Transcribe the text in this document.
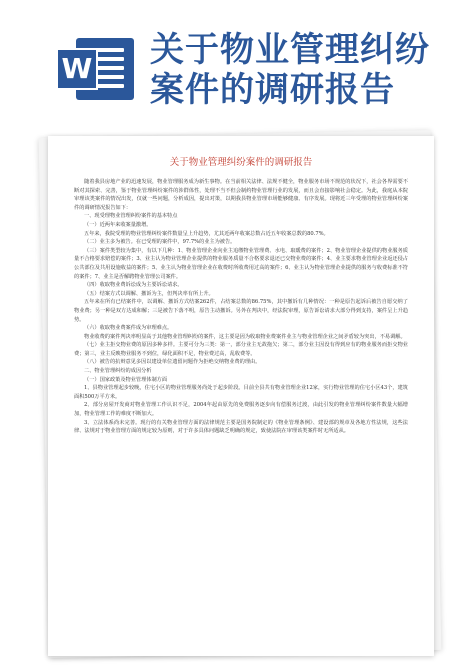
W 关于物业管理纠纷
案件的调研报告
关于物业管理纠纷案件的调研报告

随着我县房地产业的迅速发展，物业管理服务成为新生事物。在当前相关法律、法规不健全，物业服务市场不规范的状况下，社会各界需要不断对其探索、完善，鉴于物业管理纠纷案件的涉群体性，处理不当不但会制约物业管理行业的发展，而且会直接影响社会稳定。为此，我庭从本院审理该类案件的情况出发，仅就一些问题，分析成因，提出对策，以期我县物业管理市场能够健康、有序发展。现将近三年受理的物业管理纠纷案件的调研情况报告如下：

一、现受理物业管理纠纷案件的基本特点

（一）近两年来收案量激增。

五年来，我院受理的物业管理纠纷案件数量呈上升趋势，尤其近两年收案总数占近五年收案总数的80.7%。

（二）业主多为被告。在已受理的案件中，97.7%的业主为被告。

（三）案件类型较为集中，有以下几种：1、物业管理企业向业主追缴物业管理费、水电、取暖费的案件；2、物业管理企业提供的物业服务质量不合格要求赔偿的案件；3、业主认为物业管理企业提供的物业服务质量不合格要求退还已交物业费的案件；4、业主要求物业管理企业返还侵占公共部位及共用设施收益的案件；5、业主认为物业管理企业在收费时所收费用过高的案件；6、业主认为物业管理企业提供的服务与收费标准不符的案件；7、业主是否解聘物业管理公司案件。

（四）收取物业费诉讼成为主要诉讼请求。

（五）结案方式以调解、撤诉为主，但判决率有所上升。

五年来在所有已结案件中，以调解、撤诉方式结案262件，占结案总数的86.75%，其中撤诉有几种情况：一种是原告起诉后被告自愿交纳了物业费；另一种是双方达成和解；三是被告下落不明，原告主动撤诉。另外在判决中，经法院审理，原告诉讼请求大部分得到支持，案件呈上升趋势。

（六）收取物业费案件成为审理难点。

物业收费的案件判决率明显高于其他物业管理纠纷的案件，这主要是因为收取物业费案件业主与物业管理企业之间矛盾较为突出，不易调解。

（七）业主拒交物业费的原因多种多样。主要可分为三类：第一，部分业主无故拖欠；第二，部分业主因没有得到应有的物业服务而拒交物业费；第三，业主反映物业服务不到位，绿化面积不足，物业费过高，乱收费等。

（八）被告的抗辩意见多因以建设单位遗留问题作为拒绝交纳物业费的理由。

二、物业管理纠纷的成因分析

（一）国家政策及物业管理体制方面

1、县物业管理起步较晚，住宅小区的物业管理服务尚处于起步阶段。目前全县共有物业管理企业12家，实行物业管理的住宅小区43个，建筑面积500万平方米。

2、部分房屋开发商对物业管理工作认识不足，2004年起由原先的免费服务逐步向有偿服务过渡，由此引发的物业管理纠纷案件数量大幅增加，物业管理工作的难度不断加大。

3、立法体系尚未完善。现行的有关物业管理方面的法律规范主要是国务院制定的《物业管理条例》、建设部的规章及各地方性法规，这些法律、法规对于物业管理方面的规定较为原则，对于许多具体问题缺乏明确的规定，致使法院在审理该类案件时无所适从。
